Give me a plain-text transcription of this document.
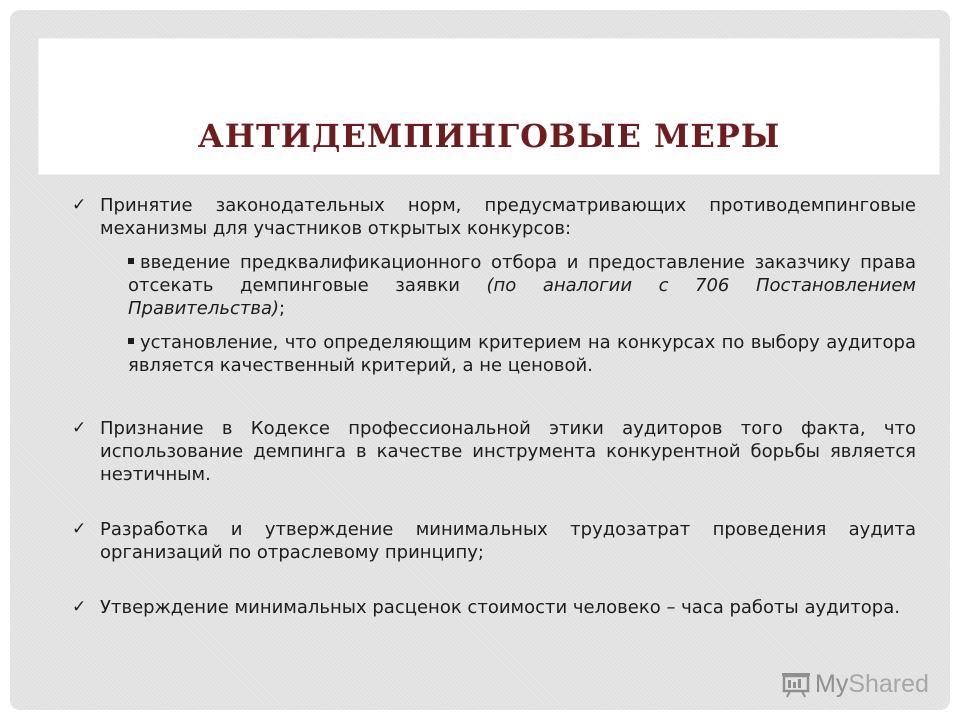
АНТИДЕМПИНГОВЫЕ МЕРЫ
✓ Принятие законодательных норм, предусматривающих противодемпинговые механизмы для участников открытых конкурсов:
введение предквалификационного отбора и предоставление заказчику права отсекать демпинговые заявки (по аналогии с 706 Постановлением Правительства);
установление, что определяющим критерием на конкурсах по выбору аудитора является качественный критерий, а не ценовой.
✓ Признание в Кодексе профессиональной этики аудиторов того факта, что использование демпинга в качестве инструмента конкурентной борьбы является неэтичным.
✓ Разработка и утверждение минимальных трудозатрат проведения аудита организаций по отраслевому принципу;
✓ Утверждение минимальных расценок стоимости человеко – часа работы аудитора.
MyShared
